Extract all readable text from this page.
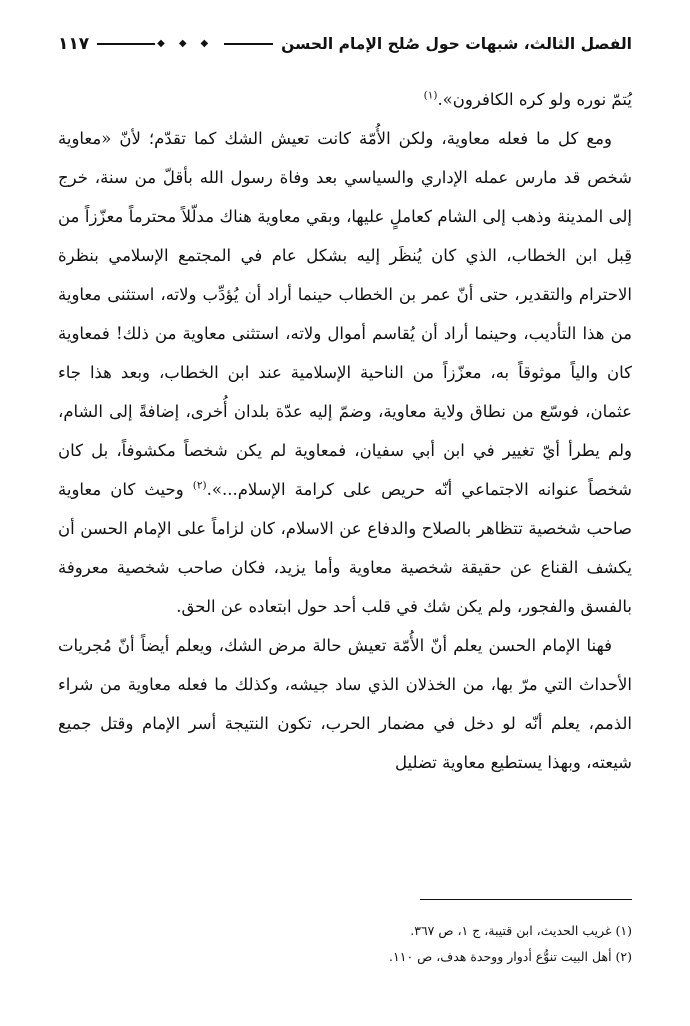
الفصل الثالث، شبهات حول صُلح الإمام الحسن
◆◆◆
١١٧

يُتمّ نوره ولو كره الكافرون».$^{(١)}$

ومع كل ما فعله معاوية، ولكن الأُمّة كانت تعيش الشك كما تقدّم؛ لأنّ «معاوية شخص قد مارس عمله الإداري والسياسي بعد وفاة رسول الله بأقلّ من سنة، خرج إلى المدينة وذهب إلى الشام كعاملٍ عليها، وبقي معاوية هناك مدلّلاً محترماً معزّزاً من قِبل ابن الخطاب، الذي كان يُنظَر إليه بشكل عام في المجتمع الإسلامي بنظرة الاحترام والتقدير، حتى أنّ عمر بن الخطاب حينما أراد أن يُؤدِّب ولاته، استثنى معاوية من هذا التأديب، وحينما أراد أن يُقاسم أموال ولاته، استثنى معاوية من ذلك! فمعاوية كان والياً موثوقاً به، معزّزاً من الناحية الإسلامية عند ابن الخطاب، وبعد هذا جاء عثمان، فوسّع من نطاق ولاية معاوية، وضمّ إليه عدّة بلدان أُخرى، إضافةً إلى الشام، ولم يطرأ أيّ تغيير في ابن أبي سفيان، فمعاوية لم يكن شخصاً مكشوفاً، بل كان شخصاً عنوانه الاجتماعي أنّه حريص على كرامة الإسلام...».$^{(٢)}$ وحيث كان معاوية صاحب شخصية تتظاهر بالصلاح والدفاع عن الاسلام، كان لزاماً على الإمام الحسن أن يكشف القناع عن حقيقة شخصية معاوية وأما يزيد، فكان صاحب شخصية معروفة بالفسق والفجور، ولم يكن شك في قلب أحد حول ابتعاده عن الحق.

فهنا الإمام الحسن يعلم أنّ الأُمّة تعيش حالة مرض الشك، ويعلم أيضاً أنّ مُجريات الأحداث التي مرّ بها، من الخذلان الذي ساد جيشه، وكذلك ما فعله معاوية من شراء الذمم، يعلم أنّه لو دخل في مضمار الحرب، تكون النتيجة أسر الإمام وقتل جميع شيعته، وبهذا يستطيع معاوية تضليل

(١) غريب الحديث، ابن قتيبة، ج ١، ص ٣٦٧.

(٢) أهل البيت تنوُّع أدوار ووحدة هدف، ص ١١٠.
